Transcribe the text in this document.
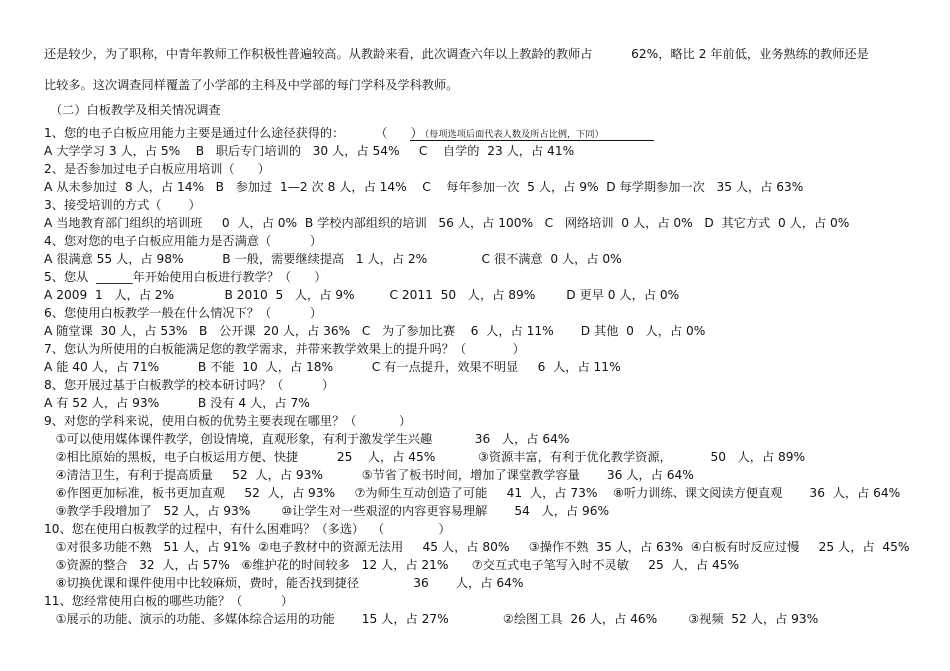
还是较少，为了职称，中青年教师工作积极性普遍较高。从教龄来看，此次调查六年以上教龄的教师占          62%，略比 2 年前低，业务熟练的教师还是
比较多。这次调查同样覆盖了小学部的主科及中学部的每门学科及学科教师。
（二）白板教学及相关情况调查
1、您的电子白板应用能力主要是通过什么途径获得的：        （      ）
（每项选项后面代表人数及所占比例，下同）
A 大学学习 3 人，占 5%    B   职后专门培训的   30 人，占 54%     C    自学的  23 人，占 41%
2、是否参加过电子白板应用培训（      ）
A 从未参加过  8 人，占 14%   B   参加过  1—2 次 8 人，占 14%    C    每年参加一次  5 人，占 9%  D 每学期参加一次   35 人，占 63%
3、接受培训的方式（       ）
A 当地教育部门组织的培训班     0  人，占 0%  B 学校内部组织的培训   56 人，占 100%   C   网络培训  0 人，占 0%   D  其它方式  0 人，占 0%
4、您对您的电子白板应用能力是否满意（          ）
A 很满意 55 人，占 98%          B 一般，需要继续提高   1 人，占 2%              C 很不满意  0 人，占 0%
5、您从  ______年开始使用白板进行教学？（      ）
A 2009  1   人，占 2%             B 2010  5   人，占 9%         C 2011  50   人，占 89%        D 更早 0 人，占 0%
6、您使用白板教学一般在什么情况下？（          ）
A 随堂课  30 人，占 53%   B   公开课  20 人，占 36%   C   为了参加比赛    6  人，占 11%       D 其他  0   人，占 0%
7、您认为所使用的白板能满足您的教学需求，并带来教学效果上的提升吗？（            ）
A 能 40 人，占 71%          B 不能  10  人，占 18%          C 有一点提升，效果不明显     6  人，占 11%
8、您开展过基于白板教学的校本研讨吗？（          ）
A 有 52 人，占 93%          B 没有 4 人，占 7%
9、对您的学科来说，使用白板的优势主要表现在哪里？（           ）
①可以使用媒体课件教学，创设情境，直观形象，有利于激发学生兴趣           36   人，占 64%
②相比原始的黑板，电子白板运用方便、快捷          25    人，占 45%           ③资源丰富，有利于优化教学资源，          50   人，占 89%
④清洁卫生，有利于提高质量     52  人，占 93%          ⑤节省了板书时间，增加了课堂教学容量       36 人，占 64%
⑥作图更加标准，板书更加直观     52  人，占 93%     ⑦为师生互动创造了可能     41  人，占 73%    ⑧听力训练、课文阅读方便直观       36  人，占 64%
⑨教学手段增加了   52 人，占 93%        ⑩让学生对一些艰涩的内容更容易理解       54   人，占 96%
10、您在使用白板教学的过程中，有什么困难吗？（多选）  （              ）
①对很多功能不熟   51 人，占 91%  ②电子教材中的资源无法用     45 人，占 80%     ③操作不熟  35 人，占 63%  ④白板有时反应过慢     25 人，占  45%
⑤资源的整合   32  人，占 57%   ⑥维护花的时间较多   12 人，占 21%      ⑦交互式电子笔写入时不灵敏     25  人，占 45%
⑧切换优课和课件使用中比较麻烦，费时，能否找到捷径              36       人，占 64%
11、您经常使用白板的哪些功能？（          ）
①展示的功能、演示的功能、多媒体综合运用的功能       15 人，占 27%              ②绘图工具  26 人，占 46%        ③视频  52 人，占 93%
